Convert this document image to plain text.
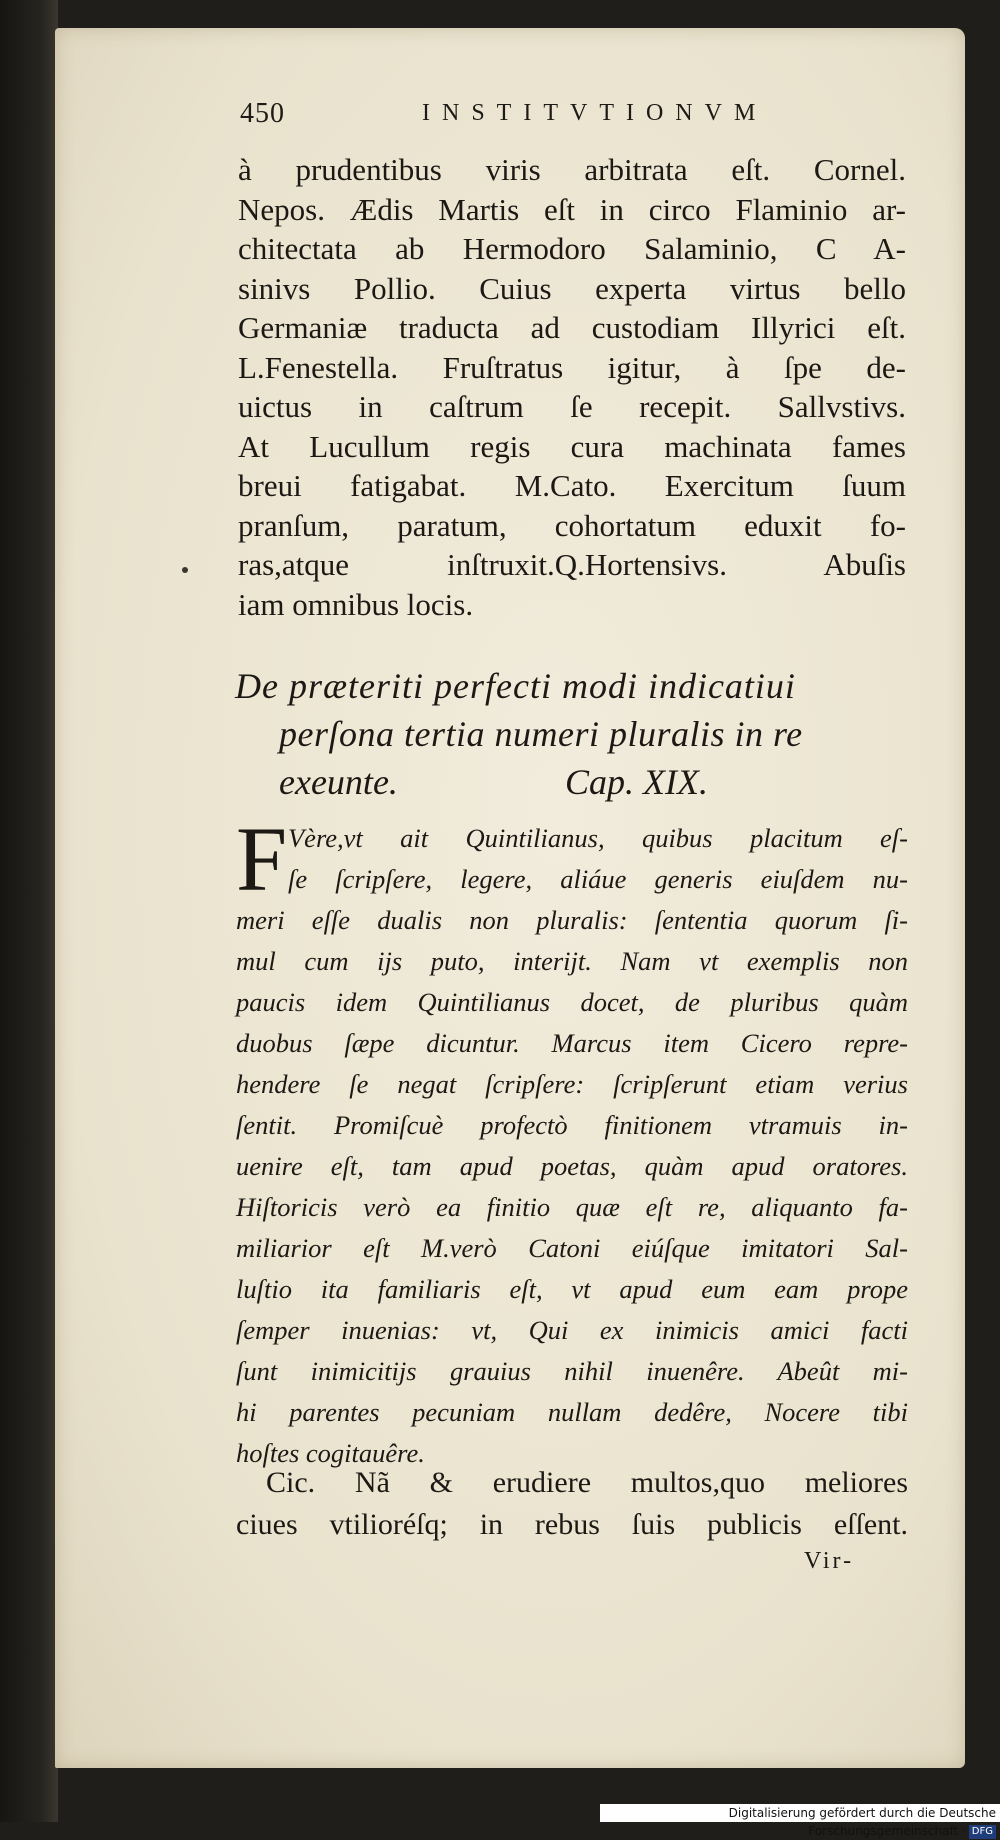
450	INSTITVTIONVM
à prudentibus viris arbitrata eſt. Cornel.
Nepos. Ædis Martis eſt in circo Flaminio ar-
chitectata ab Hermodoro Salaminio, C A-
sinivs Pollio. Cuius experta virtus bello
Germaniæ traducta ad custodiam Illyrici eſt.
L.Fenestella. Fruſtratus igitur, à ſpe de-
uictus in caſtrum ſe recepit. Sallvstivs.
At Lucullum regis cura machinata fames
breui fatigabat. M.Cato. Exercitum ſuum
pranſum, paratum, cohortatum eduxit fo-
ras,atque inſtruxit.Q.Hortensivs. Abuſis
iam omnibus locis.
De præteriti perfecti modi indicatiui
perſona tertia numeri pluralis in re
exeunte.	Cap. XIX.
F Vère,vt ait Quintilianus, quibus placitum eſ-
ſe ſcripſere, legere, aliáue generis eiuſdem nu-
meri eſſe dualis non pluralis: ſententia quorum ſi-
mul cum ijs puto, interijt. Nam vt exemplis non
paucis idem Quintilianus docet, de pluribus quàm
duobus ſæpe dicuntur. Marcus item Cicero repre-
hendere ſe negat ſcripſere: ſcripſerunt etiam verius
ſentit. Promiſcuè profectò finitionem vtramuis in-
uenire eſt, tam apud poetas, quàm apud oratores.
Hiſtoricis verò ea finitio quæ eſt re, aliquanto fa-
miliarior eſt M.verò Catoni eiúſque imitatori Sal-
luſtio ita familiaris eſt, vt apud eum eam prope
ſemper inuenias: vt, Qui ex inimicis amici facti
ſunt inimicitijs grauius nihil inuenêre. Abeût mi-
hi parentes pecuniam nullam dedêre, Nocere tibi
hoſtes cogitauêre.
Cic. Nã & erudiere multos,quo meliores
ciues vtilioréſq; in rebus ſuis publicis eſſent.
Vir-
Digitalisierung gefördert durch die Deutsche Forschungsgemeinschaft · DFG
